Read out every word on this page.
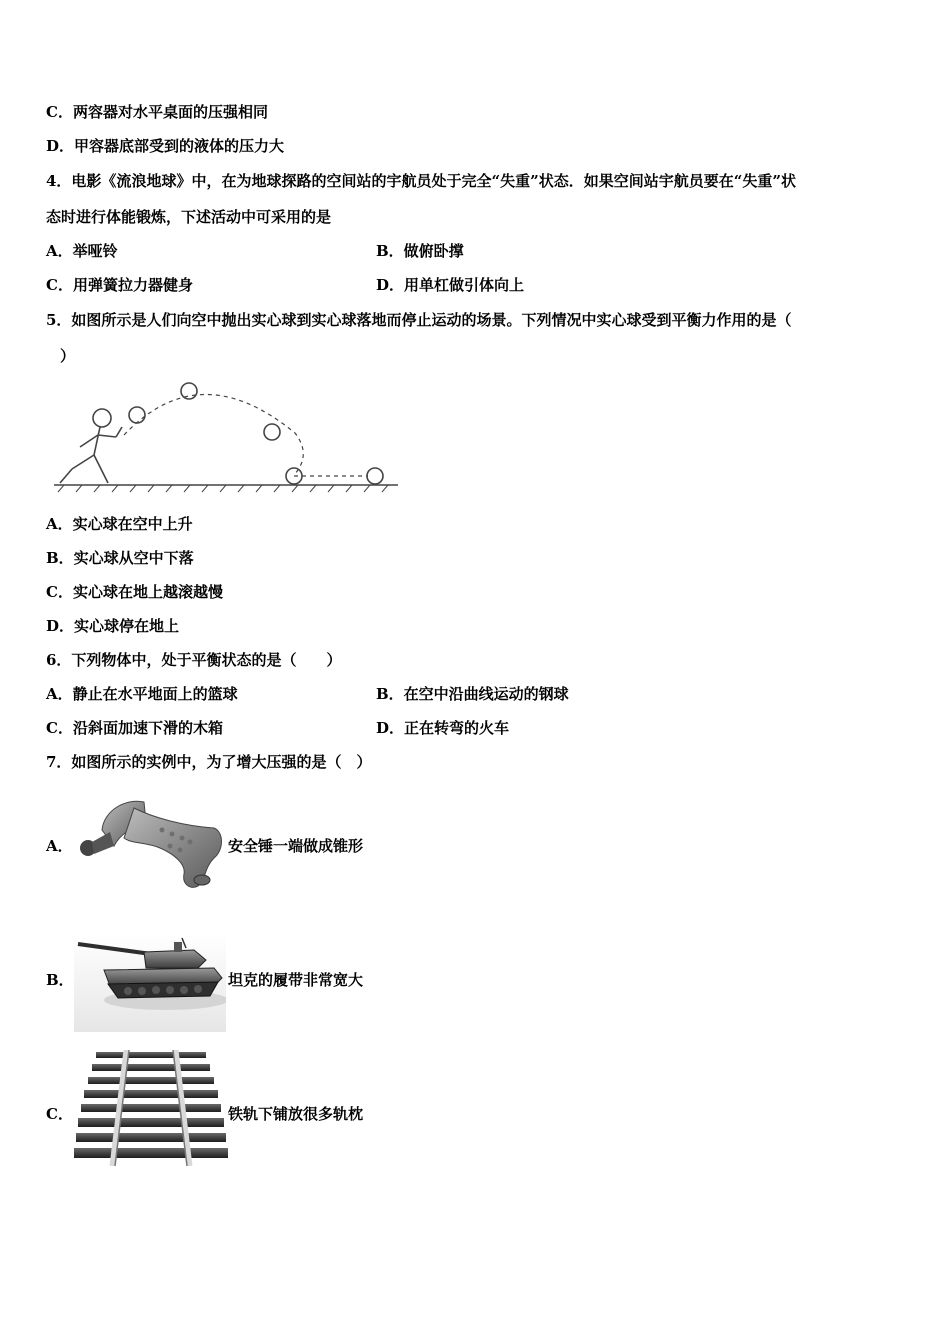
C．两容器对水平桌面的压强相同
D．甲容器底部受到的液体的压力大
4．电影《流浪地球》中，在为地球探路的空间站的宇航员处于完全“失重”状态．如果空间站宇航员要在“失重”状
态时进行体能锻炼，下述活动中可采用的是
A．举哑铃	B．做俯卧撑
C．用弹簧拉力器健身	D．用单杠做引体向上
5．如图所示是人们向空中抛出实心球到实心球落地而停止运动的场景。下列情况中实心球受到平衡力作用的是（
）
A．实心球在空中上升
B．实心球从空中下落
C．实心球在地上越滚越慢
D．实心球停在地上
6．下列物体中，处于平衡状态的是（　　）
A．静止在水平地面上的篮球	B．在空中沿曲线运动的钢球
C．沿斜面加速下滑的木箱	D．正在转弯的火车
7．如图所示的实例中，为了增大压强的是（　）
A．	安全锤一端做成锥形
B．	坦克的履带非常宽大
C．	铁轨下铺放很多轨枕
